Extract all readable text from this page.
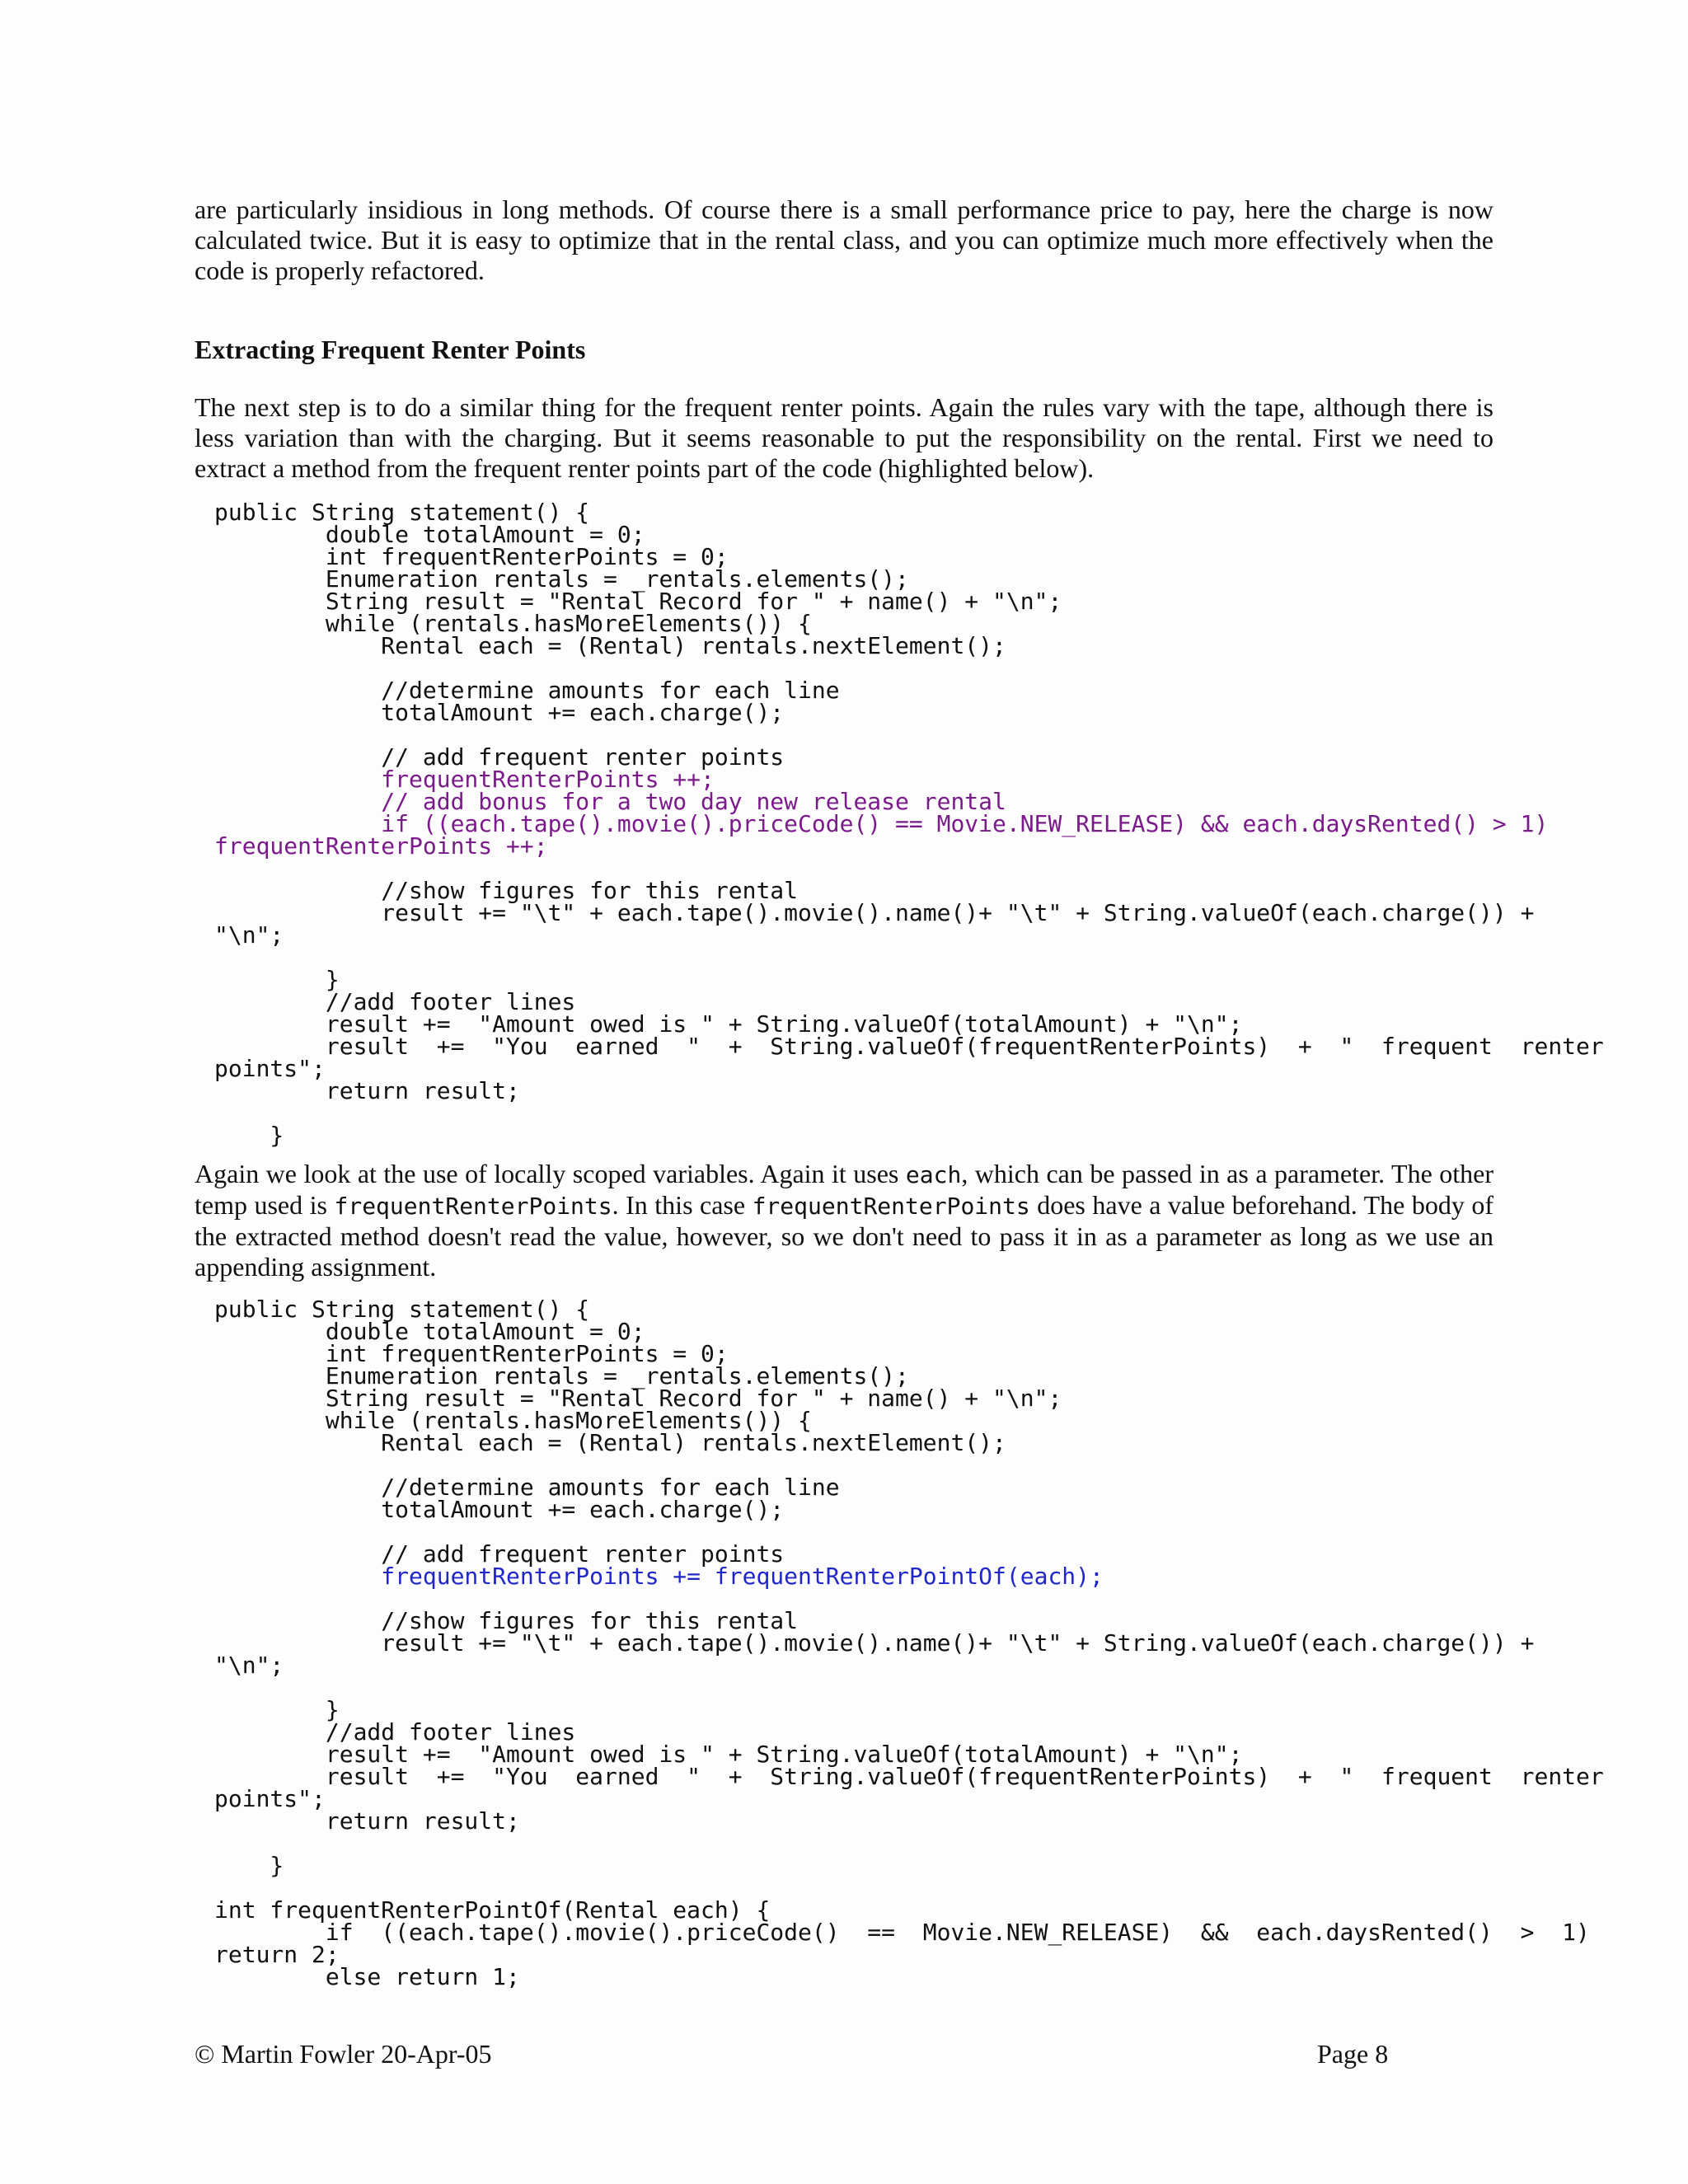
are particularly insidious in long methods. Of course there is a small performance price to pay, here the charge is now calculated twice. But it is easy to optimize that in the rental class, and you can optimize much more effectively when the code is properly refactored.

Extracting Frequent Renter Points

The next step is to do a similar thing for the frequent renter points. Again the rules vary with the tape, although there is less variation than with the charging. But it seems reasonable to put the responsibility on the rental. First we need to extract a method from the frequent renter points part of the code (highlighted below).

public String statement() {
double totalAmount = 0;
int frequentRenterPoints = 0;
Enumeration rentals = _rentals.elements();
String result = "Rental Record for " + name() + "\n";
while (rentals.hasMoreElements()) {
Rental each = (Rental) rentals.nextElement();
//determine amounts for each line
totalAmount += each.charge();
// add frequent renter points
frequentRenterPoints ++;
// add bonus for a two day new release rental
if ((each.tape().movie().priceCode() == Movie.NEW_RELEASE) && each.daysRented() > 1)
frequentRenterPoints ++;
//show figures for this rental
result += "\t" + each.tape().movie().name()+ "\t" + String.valueOf(each.charge()) +
"\n";
}
//add footer lines
result +=  "Amount owed is " + String.valueOf(totalAmount) + "\n";
result  +=  "You  earned  "  +  String.valueOf(frequentRenterPoints)  +  "  frequent  renter
points";
return result;
}

Again we look at the use of locally scoped variables. Again it uses each, which can be passed in as a parameter. The other temp used is frequentRenterPoints. In this case frequentRenterPoints does have a value beforehand. The body of the extracted method doesn't read the value, however, so we don't need to pass it in as a parameter as long as we use an appending assignment.

public String statement() {
double totalAmount = 0;
int frequentRenterPoints = 0;
Enumeration rentals = _rentals.elements();
String result = "Rental Record for " + name() + "\n";
while (rentals.hasMoreElements()) {
Rental each = (Rental) rentals.nextElement();
//determine amounts for each line
totalAmount += each.charge();
// add frequent renter points
frequentRenterPoints += frequentRenterPointOf(each);
//show figures for this rental
result += "\t" + each.tape().movie().name()+ "\t" + String.valueOf(each.charge()) +
"\n";
}
//add footer lines
result +=  "Amount owed is " + String.valueOf(totalAmount) + "\n";
result  +=  "You  earned  "  +  String.valueOf(frequentRenterPoints)  +  "  frequent  renter
points";
return result;
}
int frequentRenterPointOf(Rental each) {
if  ((each.tape().movie().priceCode()  ==  Movie.NEW_RELEASE)  &&  each.daysRented()  >  1)
return 2;
else return 1;
© Martin Fowler 20-Apr-05	Page 8
